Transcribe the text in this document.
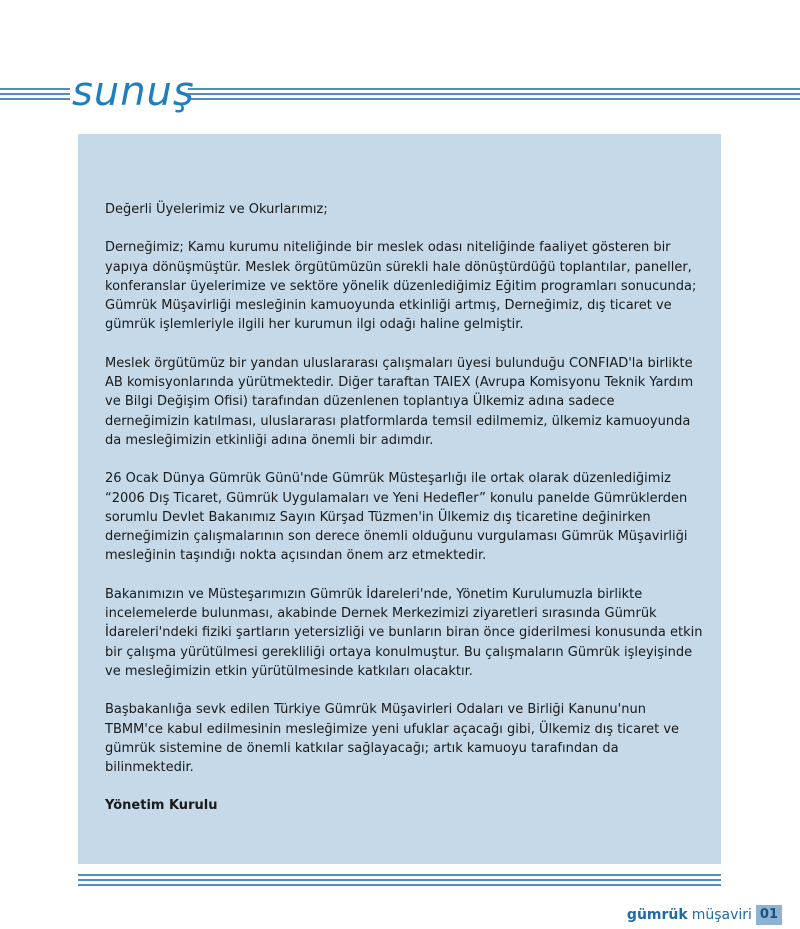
sunuş

Değerli Üyelerimiz ve Okurlarımız;

Derneğimiz; Kamu kurumu niteliğinde bir meslek odası niteliğinde faaliyet gösteren bir yapıya dönüşmüştür. Meslek örgütümüzün sürekli hale dönüştürdüğü toplantılar, paneller, konferanslar üyelerimize ve sektöre yönelik düzenlediğimiz Eğitim programları sonucunda; Gümrük Müşavirliği mesleğinin kamuoyunda etkinliği artmış, Derneğimiz, dış ticaret ve gümrük işlemleriyle ilgili her kurumun ilgi odağı haline gelmiştir.

Meslek örgütümüz bir yandan uluslararası çalışmaları üyesi bulunduğu CONFIAD'la birlikte AB komisyonlarında yürütmektedir. Diğer taraftan TAIEX (Avrupa Komisyonu Teknik Yardım ve Bilgi Değişim Ofisi) tarafından düzenlenen toplantıya Ülkemiz adına sadece derneğimizin katılması, uluslararası platformlarda temsil edilmemiz, ülkemiz kamuoyunda da mesleğimizin etkinliği adına önemli bir adımdır.

26 Ocak Dünya Gümrük Günü'nde Gümrük Müsteşarlığı ile ortak olarak düzenlediğimiz “2006 Dış Ticaret, Gümrük Uygulamaları ve Yeni Hedefler” konulu panelde Gümrüklerden sorumlu Devlet Bakanımız Sayın Kürşad Tüzmen'in Ülkemiz dış ticaretine değinirken derneğimizin çalışmalarının son derece önemli olduğunu vurgulaması Gümrük Müşavirliği mesleğinin taşındığı nokta açısından önem arz etmektedir.

Bakanımızın ve Müsteşarımızın Gümrük İdareleri'nde, Yönetim Kurulumuzla birlikte incelemelerde bulunması, akabinde Dernek Merkezimizi ziyaretleri sırasında Gümrük İdareleri'ndeki fiziki şartların yetersizliği ve bunların biran önce giderilmesi konusunda etkin bir çalışma yürütülmesi gerekliliği ortaya konulmuştur. Bu çalışmaların Gümrük işleyişinde ve mesleğimizin etkin yürütülmesinde katkıları olacaktır.

Başbakanlığa sevk edilen Türkiye Gümrük Müşavirleri Odaları ve Birliği Kanunu'nun TBMM'ce kabul edilmesinin mesleğimize yeni ufuklar açacağı gibi, Ülkemiz dış ticaret ve gümrük sistemine de önemli katkılar sağlayacağı; artık kamuoyu tarafından da bilinmektedir.

Yönetim Kurulu

gümrük müşaviri 01
